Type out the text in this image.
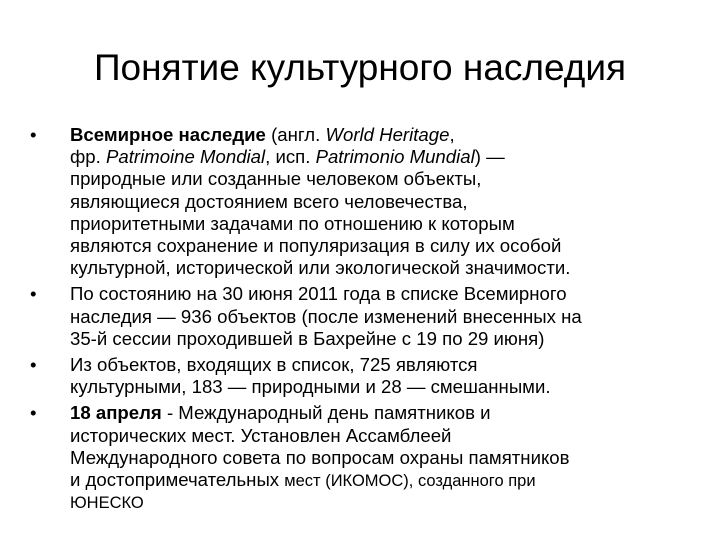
Понятие культурного наследия
•	Всемирное наследие (англ. World Heritage,
фр. Patrimoine Mondial, исп. Patrimonio Mundial) —
природные или созданные человеком объекты,
являющиеся достоянием всего человечества,
приоритетными задачами по отношению к которым
являются сохранение и популяризация в силу их особой
культурной, исторической или экологической значимости.
•	По состоянию на 30 июня 2011 года в списке Всемирного
наследия — 936 объектов (после изменений внесенных на
35-й сессии проходившей в Бахрейне с 19 по 29 июня)
•	Из объектов, входящих в список, 725 являются
культурными, 183 — природными и 28 — смешанными.
•	18 апреля - Международный день памятников и
исторических мест. Установлен Ассамблеей
Международного совета по вопросам охраны памятников
и достопримечательных мест (ИКОМОС), созданного при
ЮНЕСКО
